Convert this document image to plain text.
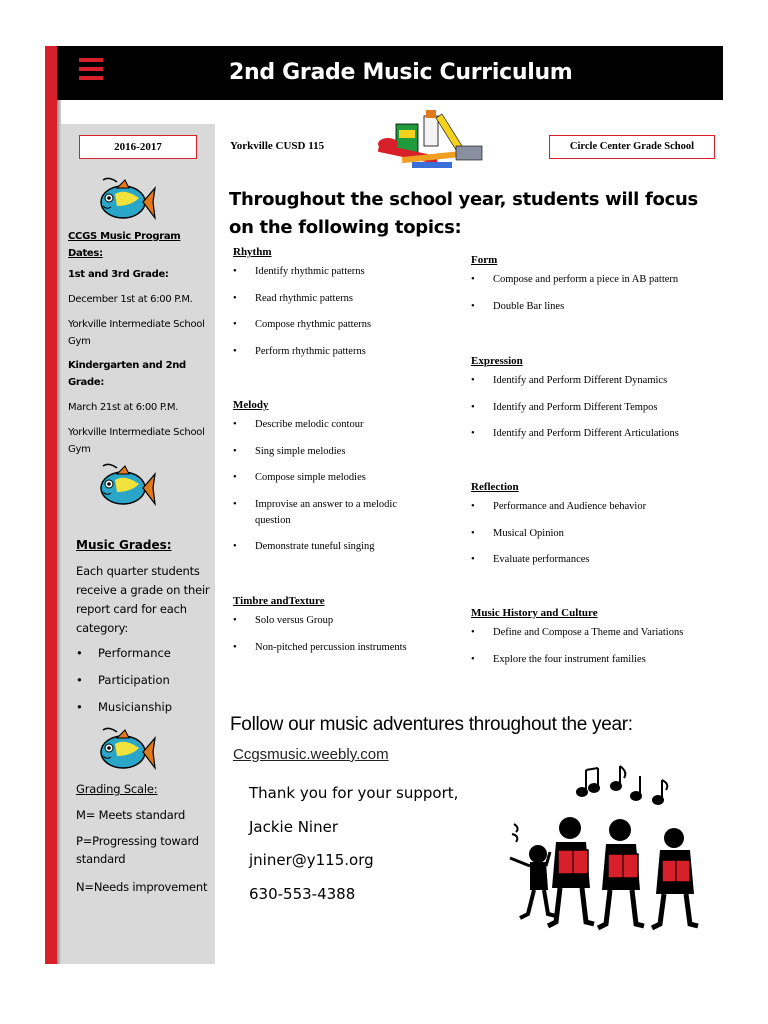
2nd Grade Music Curriculum
2016-2017
CCGS Music Program Dates:
1st and 3rd Grade:
December 1st at 6:00 P.M.
Yorkville Intermediate School Gym
Kindergarten and 2nd Grade:
March 21st at 6:00 P.M.
Yorkville Intermediate School Gym
Music Grades:
Each quarter students receive a grade on their report card for each category:
• Performance
• Participation
• Musicianship
Grading Scale:
M= Meets standard
P=Progressing toward standard
N=Needs improvement
Yorkville CUSD 115	Circle Center Grade School
Throughout the school year, students will focus on the following topics:
Rhythm
• Identify rhythmic patterns
• Read rhythmic patterns
• Compose rhythmic patterns
• Perform rhythmic patterns
Melody
• Describe melodic contour
• Sing simple melodies
• Compose simple melodies
• Improvise an answer to a melodic question
• Demonstrate tuneful singing
Timbre andTexture
• Solo versus Group
• Non-pitched percussion instruments
Form
• Compose and perform a piece in AB pattern
• Double Bar lines
Expression
• Identify and Perform Different Dynamics
• Identify and Perform Different Tempos
• Identify and Perform Different Articulations
Reflection
• Performance and Audience behavior
• Musical Opinion
• Evaluate performances
Music History and Culture
• Define and Compose a Theme and Variations
• Explore the four instrument families
Follow our music adventures throughout the year:
Ccgsmusic.weebly.com
Thank you for your support,
Jackie Niner
jniner@y115.org
630-553-4388
